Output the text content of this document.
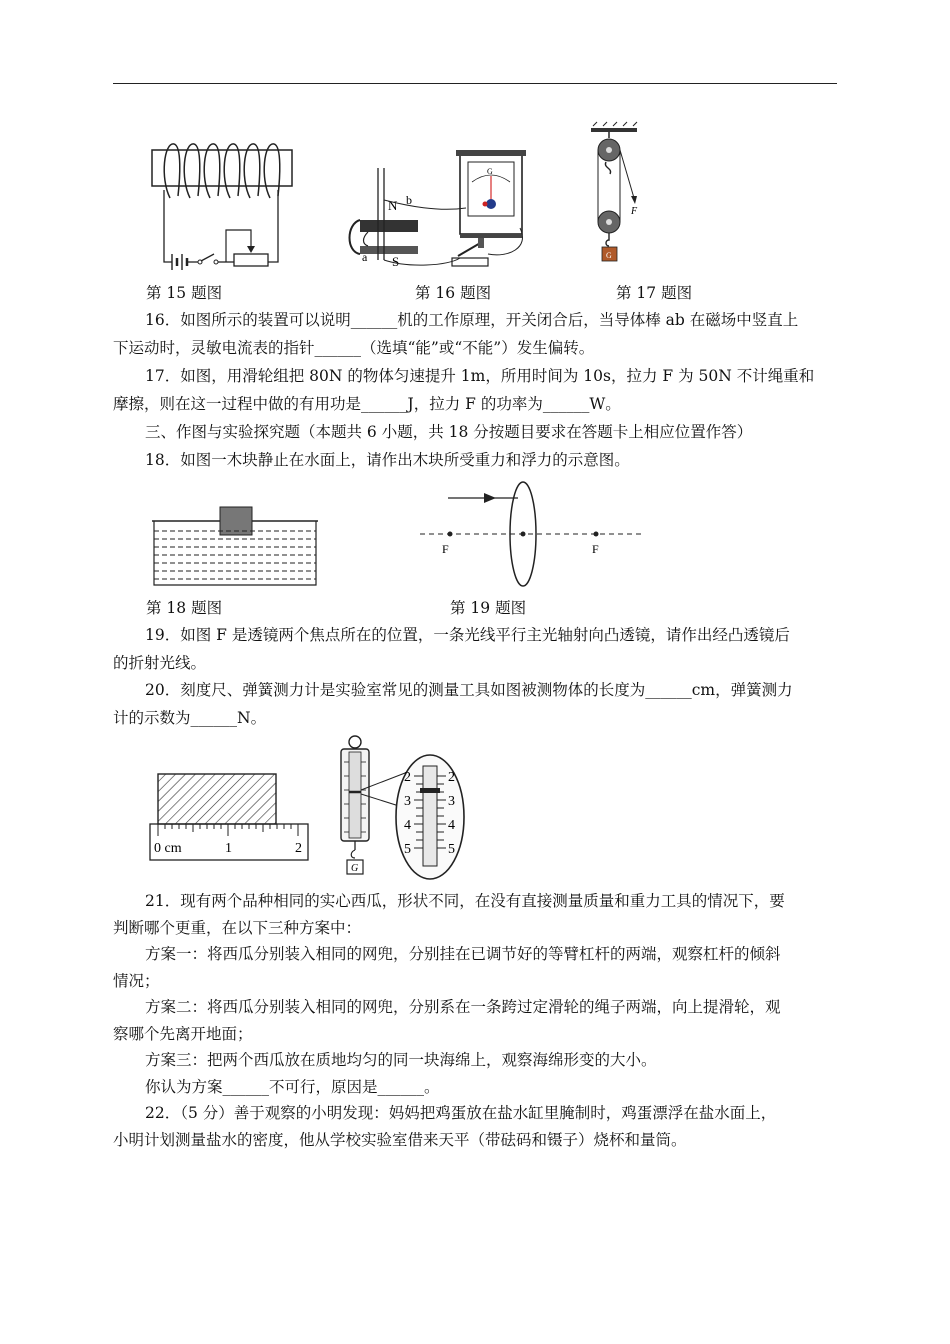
N
S
a
b
G
F
G
第 15 题图	第 16 题图	第 17 题图
16．如图所示的装置可以说明______机的工作原理，开关闭合后，当导体棒 ab 在磁场中竖直上
下运动时，灵敏电流表的指针______（选填“能”或“不能”）发生偏转。
17．如图，用滑轮组把 80N 的物体匀速提升 1m，所用时间为 10s，拉力 F 为 50N 不计绳重和
摩擦，则在这一过程中做的有用功是______J，拉力 F 的功率为______W。
三、作图与实验探究题（本题共 6 小题，共 18 分按题目要求在答题卡上相应位置作答）
18．如图一木块静止在水面上，请作出木块所受重力和浮力的示意图。
F	F
第 18 题图	第 19 题图
19．如图 F 是透镜两个焦点所在的位置，一条光线平行主光轴射向凸透镜，请作出经凸透镜后
的折射光线。
20．刻度尺、弹簧测力计是实验室常见的测量工具如图被测物体的长度为______cm，弹簧测力
计的示数为______N。
0 cm	1	2
G
2
3
4
5
2
3
4
5
21．现有两个品种相同的实心西瓜，形状不同，在没有直接测量质量和重力工具的情况下，要
判断哪个更重，在以下三种方案中：
方案一：将西瓜分别装入相同的网兜，分别挂在已调节好的等臂杠杆的两端，观察杠杆的倾斜
情况；
方案二：将西瓜分别装入相同的网兜，分别系在一条跨过定滑轮的绳子两端，向上提滑轮，观
察哪个先离开地面；
方案三：把两个西瓜放在质地均匀的同一块海绵上，观察海绵形变的大小。
你认为方案______不可行，原因是______。
22．（5 分）善于观察的小明发现：妈妈把鸡蛋放在盐水缸里腌制时，鸡蛋漂浮在盐水面上，
小明计划测量盐水的密度，他从学校实验室借来天平（带砝码和镊子）烧杯和量筒。
